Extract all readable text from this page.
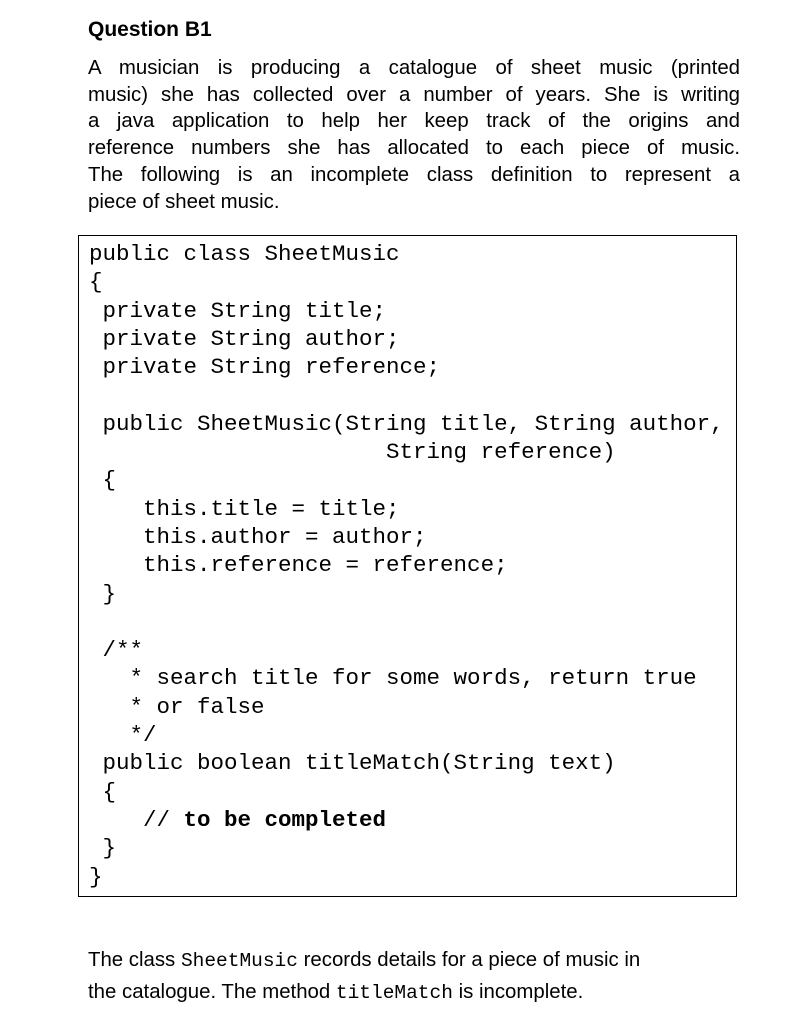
Question B1
A musician is producing a catalogue of sheet music (printed
music) she has collected over a number of years. She is writing
a java application to help her keep track of the origins and
reference numbers she has allocated to each piece of music.
The following is an incomplete class definition to represent a
piece of sheet music.
public class SheetMusic
{
private String title;
private String author;
private String reference;
public SheetMusic(String title, String author,
String reference)
{
this.title = title;
this.author = author;
this.reference = reference;
}
/**
* search title for some words, return true
* or false
*/
public boolean titleMatch(String text)
{
// to be completed
}
}
The class SheetMusic records details for a piece of music in
the catalogue. The method titleMatch is incomplete.
